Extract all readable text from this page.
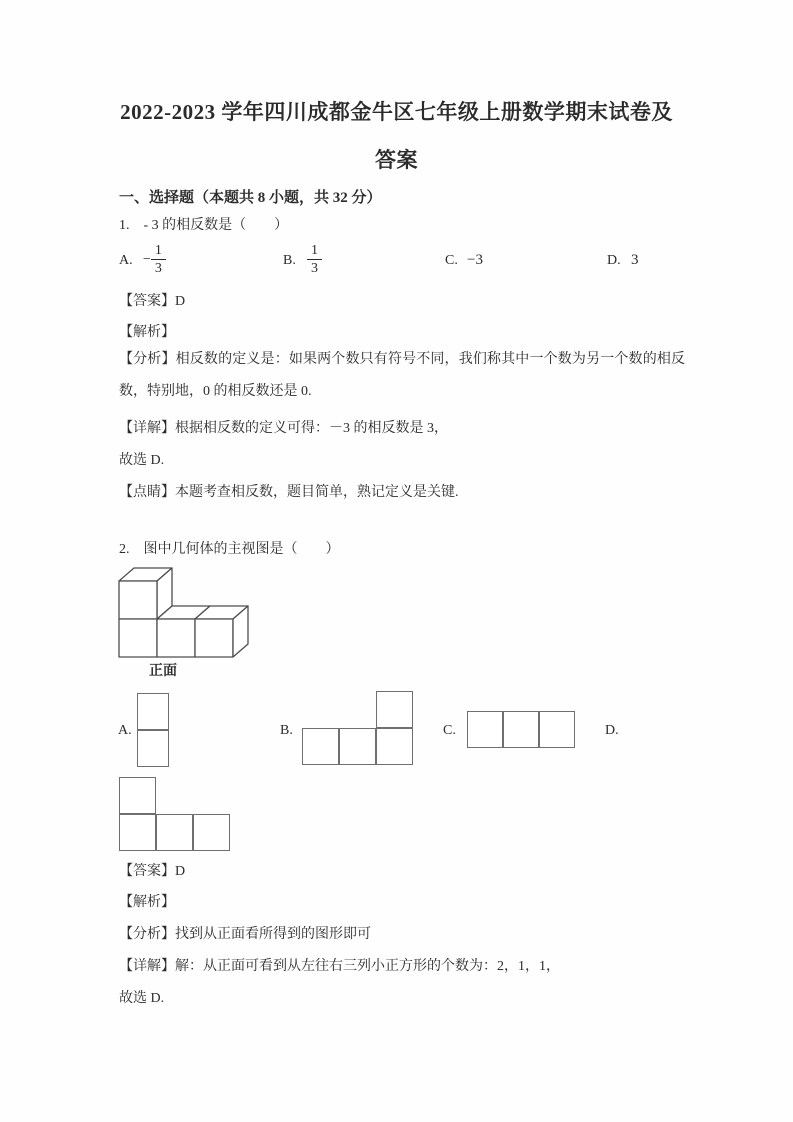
2022-2023 学年四川成都金牛区七年级上册数学期末试卷及
答案
一、选择题（本题共 8 小题，共 32 分）
1.　- 3 的相反数是（　　）
A. − $\frac{1}{3}$	B. $\frac{1}{3}$	C. −3	D. 3
【答案】D
【解析】
【分析】相反数的定义是：如果两个数只有符号不同，我们称其中一个数为另一个数的相反数，特别地，0 的相反数还是 0.
【详解】根据相反数的定义可得：－3 的相反数是 3，
故选 D.
【点睛】本题考查相反数，题目简单，熟记定义是关键.
2.　图中几何体的主视图是（　　）
正面
A.	B.	C.	D.
【答案】D
【解析】
【分析】找到从正面看所得到的图形即可
【详解】解：从正面可看到从左往右三列小正方形的个数为：2，1，1，
故选 D.
